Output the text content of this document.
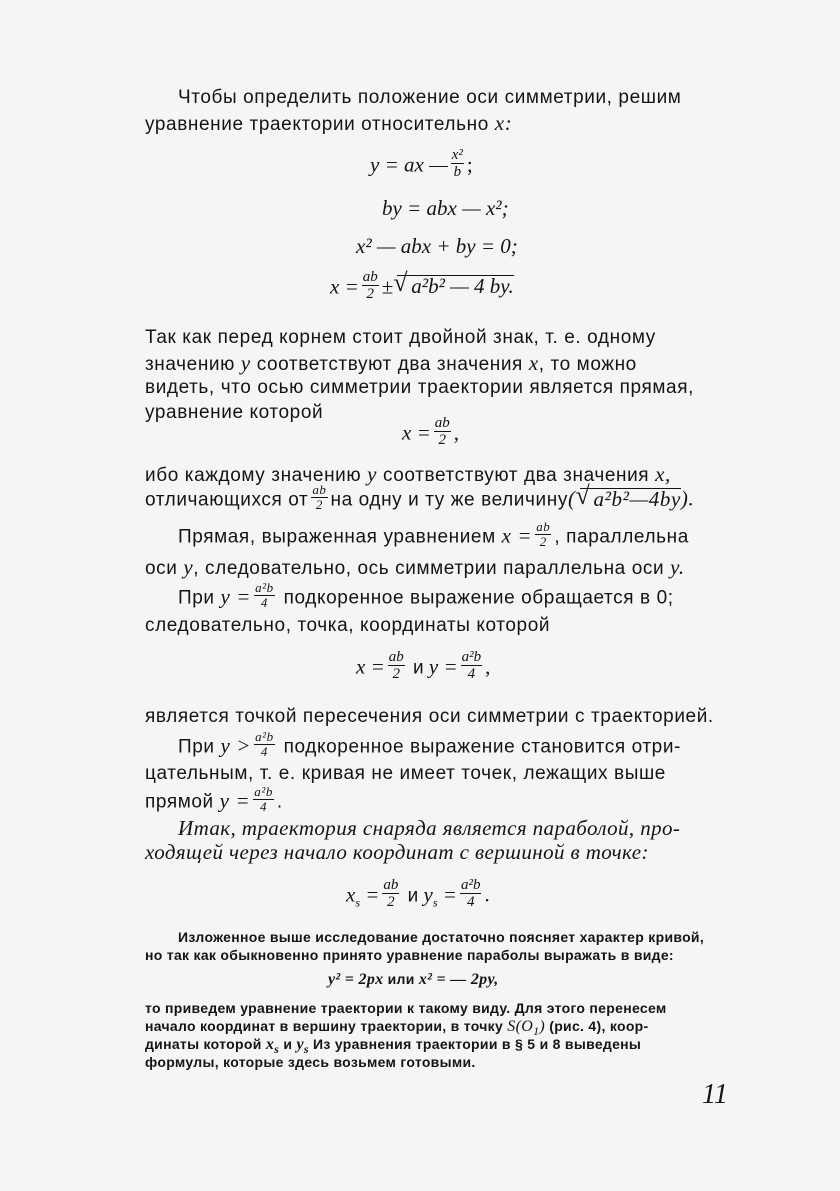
Чтобы определить положение оси симметрии, решим
уравнение траектории относительно x:
y = ax — $\frac{\text{x²}}{b}$ ;
by = abx — x²;
x² — abx + by = 0;
$x = \frac{ab}{2}$ ± √ a²b² — 4 by.
Так как перед корнем стоит двойной знак, т. е. одному
значению y соответствуют два значения x, то можно
видеть, что осью симметрии траектории является прямая,
уравнение которой
$x = \frac{ab}{2}$ ,
ибо каждому значению y соответствуют два значения x,
отличающихся от $\frac{ab}{2}$ на одну и ту же величину( √ a²b²—4by).
Прямая, выраженная уравнением $x = \frac{ab}{2}$ , параллельна
оси y, следовательно, ось симметрии параллельна оси y.
При $y = \frac{\text{a²b}}{4}$ подкоренное выражение обращается в 0;
следовательно, точка, координаты которой
$x = \frac{ab}{2}$ и $y = \frac{\text{a²b}}{4}$ ,
является точкой пересечения оси симметрии с траекторией.
При $y > \frac{\text{a²b}}{4}$ подкоренное выражение становится отри-
цательным, т. е. кривая не имеет точек, лежащих выше
прямой $y = \frac{\text{a²b}}{4}$ .
Итак, траектория снаряда является параболой, про-
ходящей через начало координат с вершиной в точке:
$x_s = \frac{ab}{2}$ и $y_s = \frac{\text{a²b}}{4}$ .
Изложенное выше исследование достаточно поясняет характер кривой,
но так как обыкновенно принято уравнение параболы выражать в виде:
y² = 2px или x² = — 2py,
то приведем уравнение траектории к такому виду. Для этого перенесем
начало координат в вершину траектории, в точку $S(O_1)$ (рис. 4), коор-
динаты которой $x_s$ и $y_s$ Из уравнения траектории в § 5 и 8 выведены
формулы, которые здесь возьмем готовыми.
11
